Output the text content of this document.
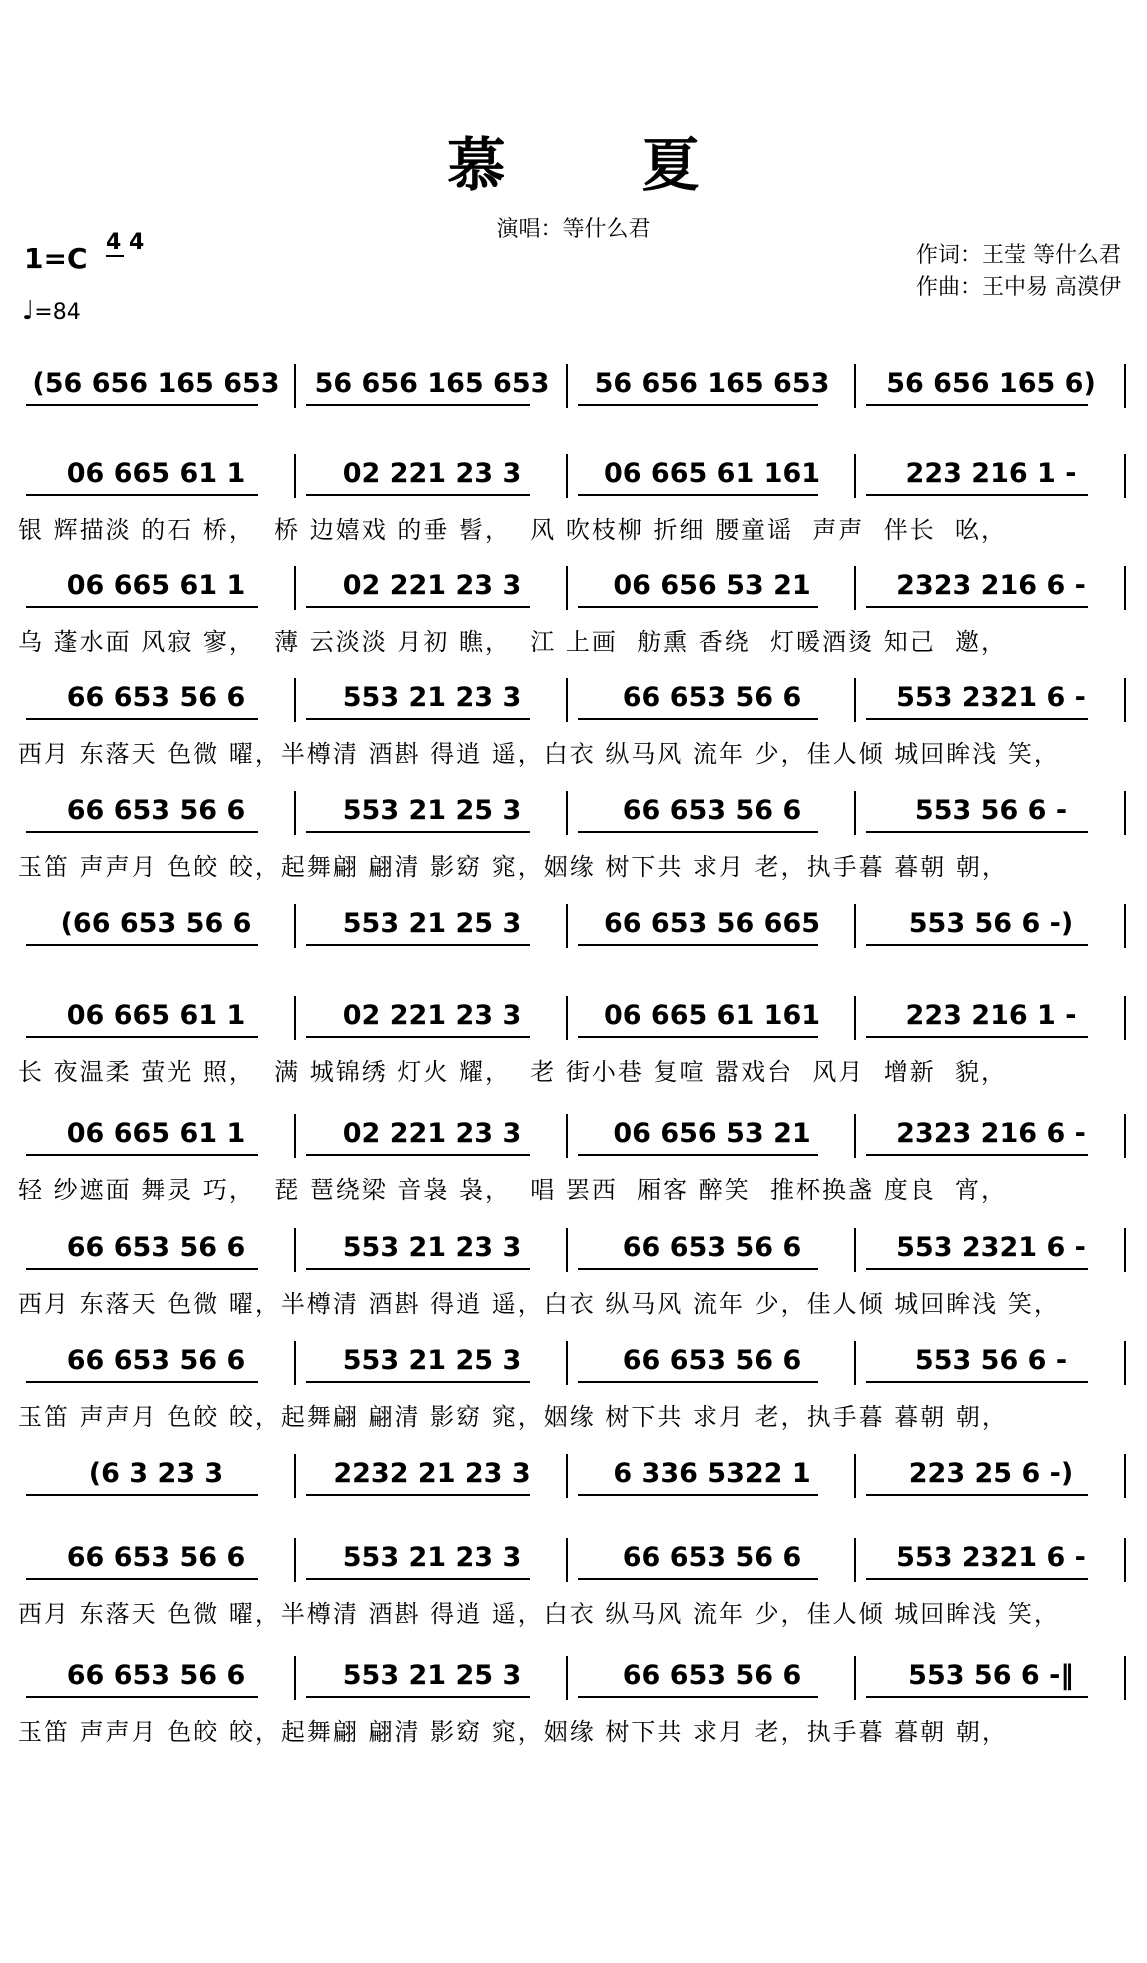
慕 夏
演唱：等什么君
作词：王莹 等什么君
作曲：王中易 高漠伊
1=C 4 4
♩=84
(56 656 165 653	56 656 165 653	56 656 165 653	56 656 165 6)
06 665 61 1	02 221 23 3	06 665 61 161	223 216 1 -
银 辉描淡 的石 桥，  桥 边嬉戏 的垂 髫，  风 吹枝柳 折细 腰童谣  声声  伴长  吆，
06 665 61 1	02 221 23 3	06 656 53 21	2323 216 6 -
乌 蓬水面 风寂 寥，  薄 云淡淡 月初 瞧，  江 上画  舫熏 香绕  灯暖酒烫 知己  邀，
66 653 56 6	553 21 23 3	66 653 56 6	553 2321 6 -
西月 东落天 色微 曜，半樽清 酒斟 得逍 遥，白衣 纵马风 流年 少，佳人倾 城回眸浅 笑，
66 653 56 6	553 21 25 3	66 653 56 6	553 56 6 -
玉笛 声声月 色皎 皎，起舞翩 翩清 影窈 窕，姻缘 树下共 求月 老，执手暮 暮朝 朝，
(66 653 56 6	553 21 25 3	66 653 56 665	553 56 6 -)
06 665 61 1	02 221 23 3	06 665 61 161	223 216 1 -
长 夜温柔 萤光 照，  满 城锦绣 灯火 耀，  老 街小巷 复喧 嚣戏台  风月  增新  貌，
06 665 61 1	02 221 23 3	06 656 53 21	2323 216 6 -
轻 纱遮面 舞灵 巧，  琵 琶绕梁 音袅 袅，  唱 罢西  厢客 醉笑  推杯换盏 度良  宵，
66 653 56 6	553 21 23 3	66 653 56 6	553 2321 6 -
西月 东落天 色微 曜，半樽清 酒斟 得逍 遥，白衣 纵马风 流年 少，佳人倾 城回眸浅 笑，
66 653 56 6	553 21 25 3	66 653 56 6	553 56 6 -
玉笛 声声月 色皎 皎，起舞翩 翩清 影窈 窕，姻缘 树下共 求月 老，执手暮 暮朝 朝，
(6 3 23 3	2232 21 23 3	6 336 5322 1	223 25 6 -)
66 653 56 6	553 21 23 3	66 653 56 6	553 2321 6 -
西月 东落天 色微 曜，半樽清 酒斟 得逍 遥，白衣 纵马风 流年 少，佳人倾 城回眸浅 笑，
66 653 56 6	553 21 25 3	66 653 56 6	553 56 6 -‖
玉笛 声声月 色皎 皎，起舞翩 翩清 影窈 窕，姻缘 树下共 求月 老，执手暮 暮朝 朝，
